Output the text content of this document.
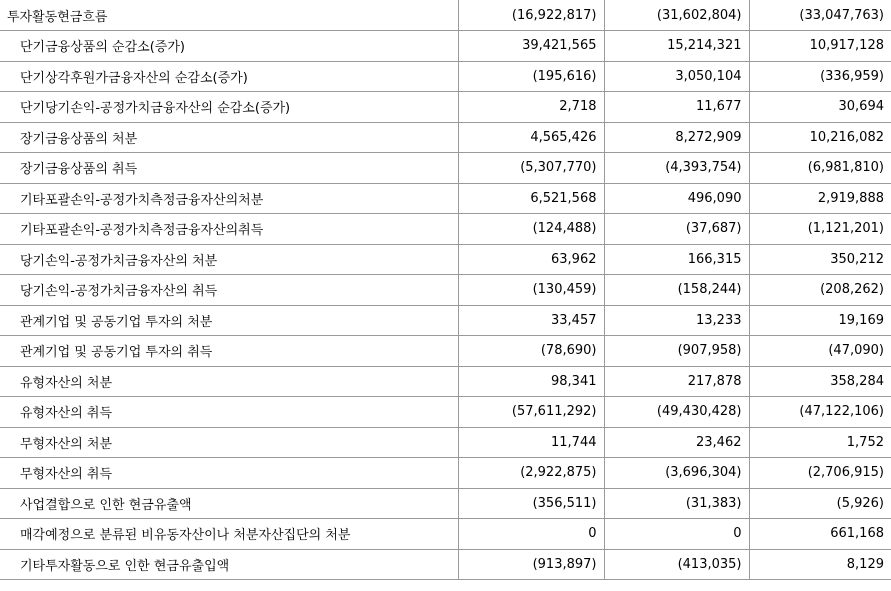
투자활동현금흐름	(16,922,817)	(31,602,804)	(33,047,763)
단기금융상품의 순감소(증가)	39,421,565	15,214,321	10,917,128
단기상각후원가금융자산의 순감소(증가)	(195,616)	3,050,104	(336,959)
단기당기손익-공정가치금융자산의 순감소(증가)	2,718	11,677	30,694
장기금융상품의 처분	4,565,426	8,272,909	10,216,082
장기금융상품의 취득	(5,307,770)	(4,393,754)	(6,981,810)
기타포괄손익-공정가치측정금융자산의처분	6,521,568	496,090	2,919,888
기타포괄손익-공정가치측정금융자산의취득	(124,488)	(37,687)	(1,121,201)
당기손익-공정가치금융자산의 처분	63,962	166,315	350,212
당기손익-공정가치금융자산의 취득	(130,459)	(158,244)	(208,262)
관계기업 및 공동기업 투자의 처분	33,457	13,233	19,169
관계기업 및 공동기업 투자의 취득	(78,690)	(907,958)	(47,090)
유형자산의 처분	98,341	217,878	358,284
유형자산의 취득	(57,611,292)	(49,430,428)	(47,122,106)
무형자산의 처분	11,744	23,462	1,752
무형자산의 취득	(2,922,875)	(3,696,304)	(2,706,915)
사업결합으로 인한 현금유출액	(356,511)	(31,383)	(5,926)
매각예정으로 분류된 비유동자산이나 처분자산집단의 처분	0	0	661,168
기타투자활동으로 인한 현금유출입액	(913,897)	(413,035)	8,129
